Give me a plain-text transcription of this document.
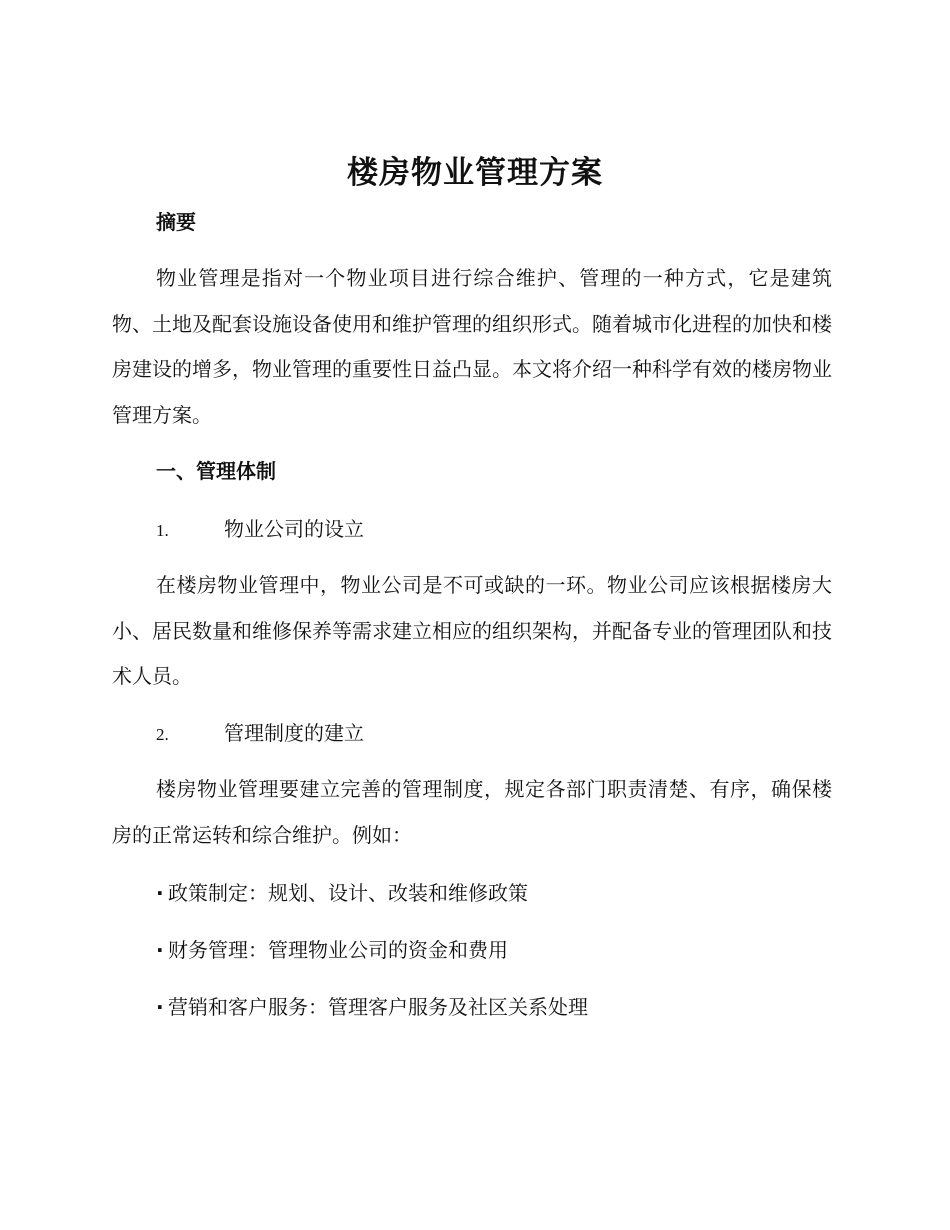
楼房物业管理方案
摘要

物业管理是指对一个物业项目进行综合维护、管理的一种方式，它是建筑物、土地及配套设施设备使用和维护管理的组织形式。随着城市化进程的加快和楼房建设的增多，物业管理的重要性日益凸显。本文将介绍一种科学有效的楼房物业管理方案。

一、管理体制
1.	物业公司的设立

在楼房物业管理中，物业公司是不可或缺的一环。物业公司应该根据楼房大小、居民数量和维修保养等需求建立相应的组织架构，并配备专业的管理团队和技术人员。

2.	管理制度的建立

楼房物业管理要建立完善的管理制度，规定各部门职责清楚、有序，确保楼房的正常运转和综合维护。例如：

· 政策制定：规划、设计、改装和维修政策
· 财务管理：管理物业公司的资金和费用
· 营销和客户服务：管理客户服务及社区关系处理
